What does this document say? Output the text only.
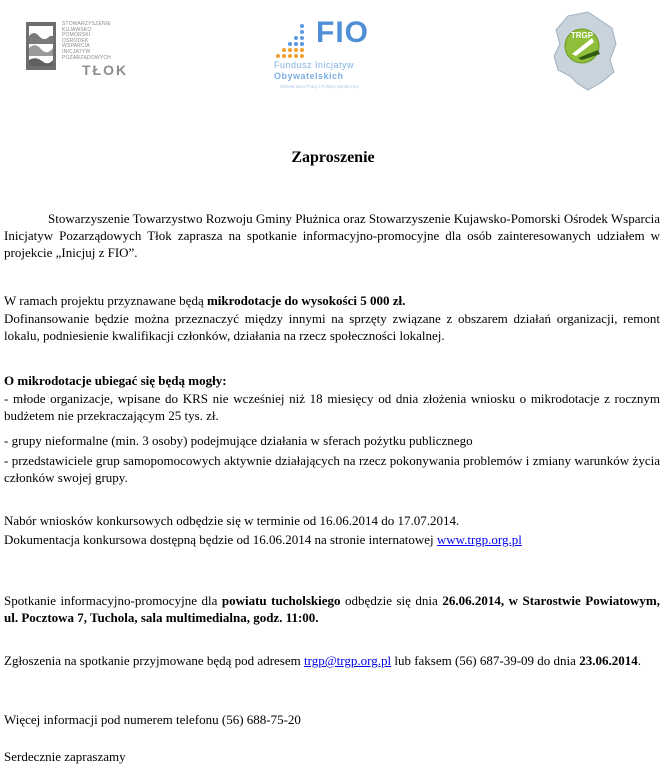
STOWARZYSZENIE
KUJAWSKO
POMORSKI
OŚRODEK
WSPARCIA
INICJATYW
POZARZĄDOWYCH
TŁOK
FIO
Fundusz Inicjatyw
Obywatelskich
Ministerstwo Pracy i Polityki Społecznej
TRGP
Zaproszenie

Stowarzyszenie Towarzystwo Rozwoju Gminy Płużnica oraz Stowarzyszenie Kujawsko-Pomorski Ośrodek Wsparcia Inicjatyw Pozarządowych Tłok zaprasza na spotkanie informacyjno-promocyjne dla osób zainteresowanych udziałem w projekcie „Inicjuj z FIO”.

W ramach projektu przyznawane będą mikrodotacje do wysokości 5 000 zł.

Dofinansowanie będzie można przeznaczyć między innymi na sprzęty związane z obszarem działań organizacji, remont lokalu, podniesienie kwalifikacji członków, działania na rzecz społeczności lokalnej.

O mikrodotacje ubiegać się będą mogły:

- młode organizacje, wpisane do KRS nie wcześniej niż 18 miesięcy od dnia złożenia wniosku o mikrodotacje z rocznym budżetem nie przekraczającym 25 tys. zł.

- grupy nieformalne (min. 3 osoby) podejmujące działania w sferach pożytku publicznego

- przedstawiciele grup samopomocowych aktywnie działających na rzecz pokonywania problemów i zmiany warunków życia członków swojej grupy.

Nabór wniosków konkursowych odbędzie się w terminie od 16.06.2014 do 17.07.2014.

Dokumentacja konkursowa dostępną będzie od 16.06.2014 na stronie internatowej www.trgp.org.pl

Spotkanie informacyjno-promocyjne dla powiatu tucholskiego odbędzie się dnia 26.06.2014, w Starostwie Powiatowym, ul. Pocztowa 7, Tuchola, sala multimedialna, godz. 11:00.

Zgłoszenia na spotkanie przyjmowane będą pod adresem trgp@trgp.org.pl lub faksem (56) 687-39-09 do dnia 23.06.2014.

Więcej informacji pod numerem telefonu (56) 688-75-20

Serdecznie zapraszamy
